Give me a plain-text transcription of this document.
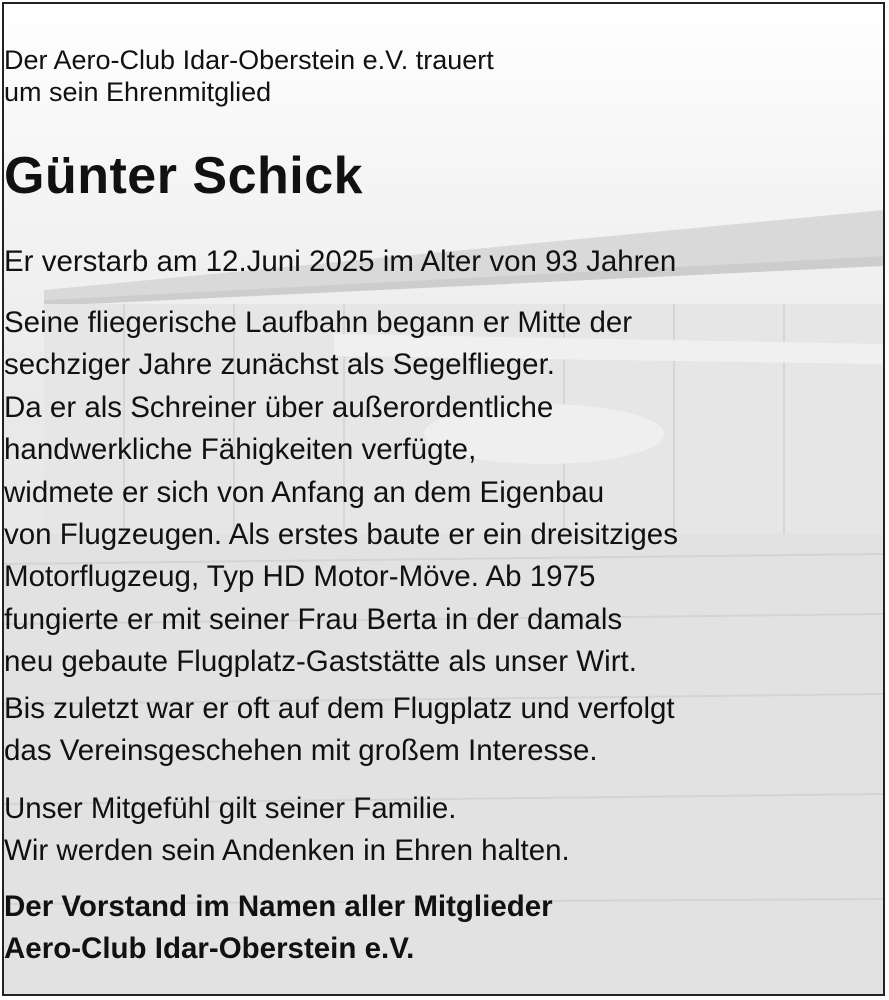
Der Aero-Club Idar-Oberstein e.V. trauert
um sein Ehrenmitglied
Günter Schick
Er verstarb am 12.Juni 2025 im Alter von 93 Jahren
Seine fliegerische Laufbahn begann er Mitte der
sechziger Jahre zunächst als Segelflieger.
Da er als Schreiner über außerordentliche
handwerkliche Fähigkeiten verfügte,
widmete er sich von Anfang an dem Eigenbau
von Flugzeugen. Als erstes baute er ein dreisitziges
Motorflugzeug, Typ HD Motor-Möve. Ab 1975
fungierte er mit seiner Frau Berta in der damals
neu gebaute Flugplatz-Gaststätte als unser Wirt.
Bis zuletzt war er oft auf dem Flugplatz und verfolgt
das Vereinsgeschehen mit großem Interesse.
Unser Mitgefühl gilt seiner Familie.
Wir werden sein Andenken in Ehren halten.
Der Vorstand im Namen aller Mitglieder
Aero-Club Idar-Oberstein e.V.
